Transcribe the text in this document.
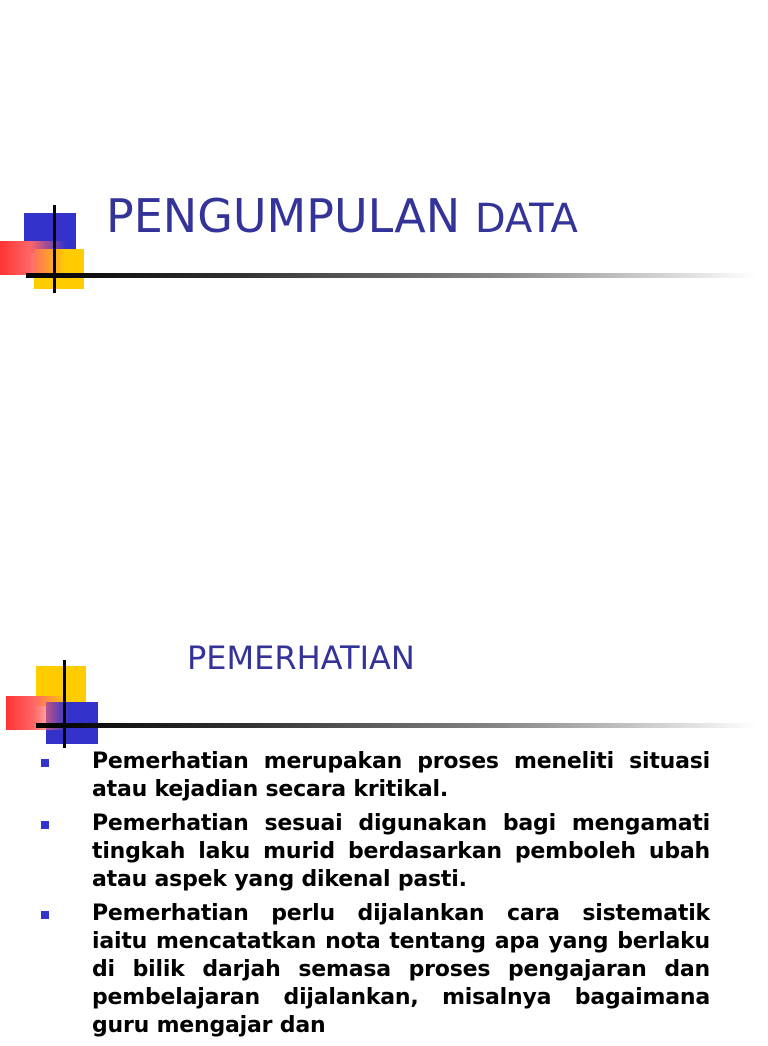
PENGUMPULAN DATA
PEMERHATIAN
Pemerhatian merupakan proses meneliti situasi atau kejadian secara kritikal.
Pemerhatian sesuai digunakan bagi mengamati tingkah laku murid berdasarkan pemboleh ubah atau aspek yang dikenal pasti.
Pemerhatian perlu dijalankan cara sistematik iaitu mencatatkan nota tentang apa yang berlaku di bilik darjah semasa proses pengajaran dan pembelajaran dijalankan, misalnya bagaimana guru mengajar dan
